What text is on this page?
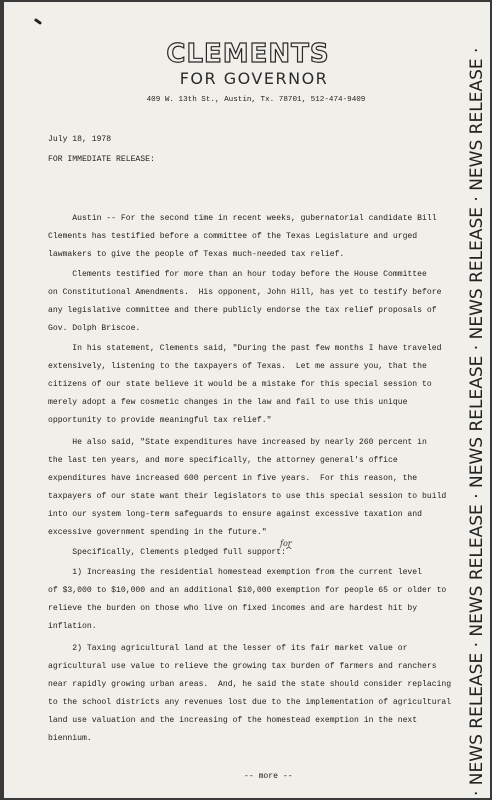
CLEMENTS
FOR GOVERNOR
409 W. 13th St., Austin, Tx. 78701, 512-474-9409
July 18, 1978
FOR IMMEDIATE RELEASE:
Austin -- For the second time in recent weeks, gubernatorial candidate Bill
Clements has testified before a committee of the Texas Legislature and urged
lawmakers to give the people of Texas much-needed tax relief.
Clements testified for more than an hour today before the House Committee
on Constitutional Amendments.  His opponent, John Hill, has yet to testify before
any legislative committee and there publicly endorse the tax relief proposals of
Gov. Dolph Briscoe.
In his statement, Clements said, "During the past few months I have traveled
extensively, listening to the taxpayers of Texas.  Let me assure you, that the
citizens of our state believe it would be a mistake for this special session to
merely adopt a few cosmetic changes in the law and fail to use this unique
opportunity to provide meaningful tax relief."
He also said, "State expenditures have increased by nearly 260 percent in
the last ten years, and more specifically, the attorney general's office
expenditures have increased 600 percent in five years.  For this reason, the
taxpayers of our state want their legislators to use this special session to build
into our system long-term safeguards to ensure against excessive taxation and
excessive government spending in the future."
Specifically, Clements pledged full support:
1) Increasing the residential homestead exemption from the current level
of $3,000 to $10,000 and an additional $10,000 exemption for people 65 or older to
relieve the burden on those who live on fixed incomes and are hardest hit by
inflation.
2) Taxing agricultural land at the lesser of its fair market value or
agricultural use value to relieve the growing tax burden of farmers and ranchers
near rapidly growing urban areas.  And, he said the state should consider replacing
to the school districts any revenues lost due to the implementation of agricultural
land use valuation and the increasing of the homestead exemption in the next
biennium.
for
^
-- more --	· NEWS RELEASE · NEWS RELEASE · NEWS RELEASE · NEWS RELEASE · NEWS RELEASE ·
